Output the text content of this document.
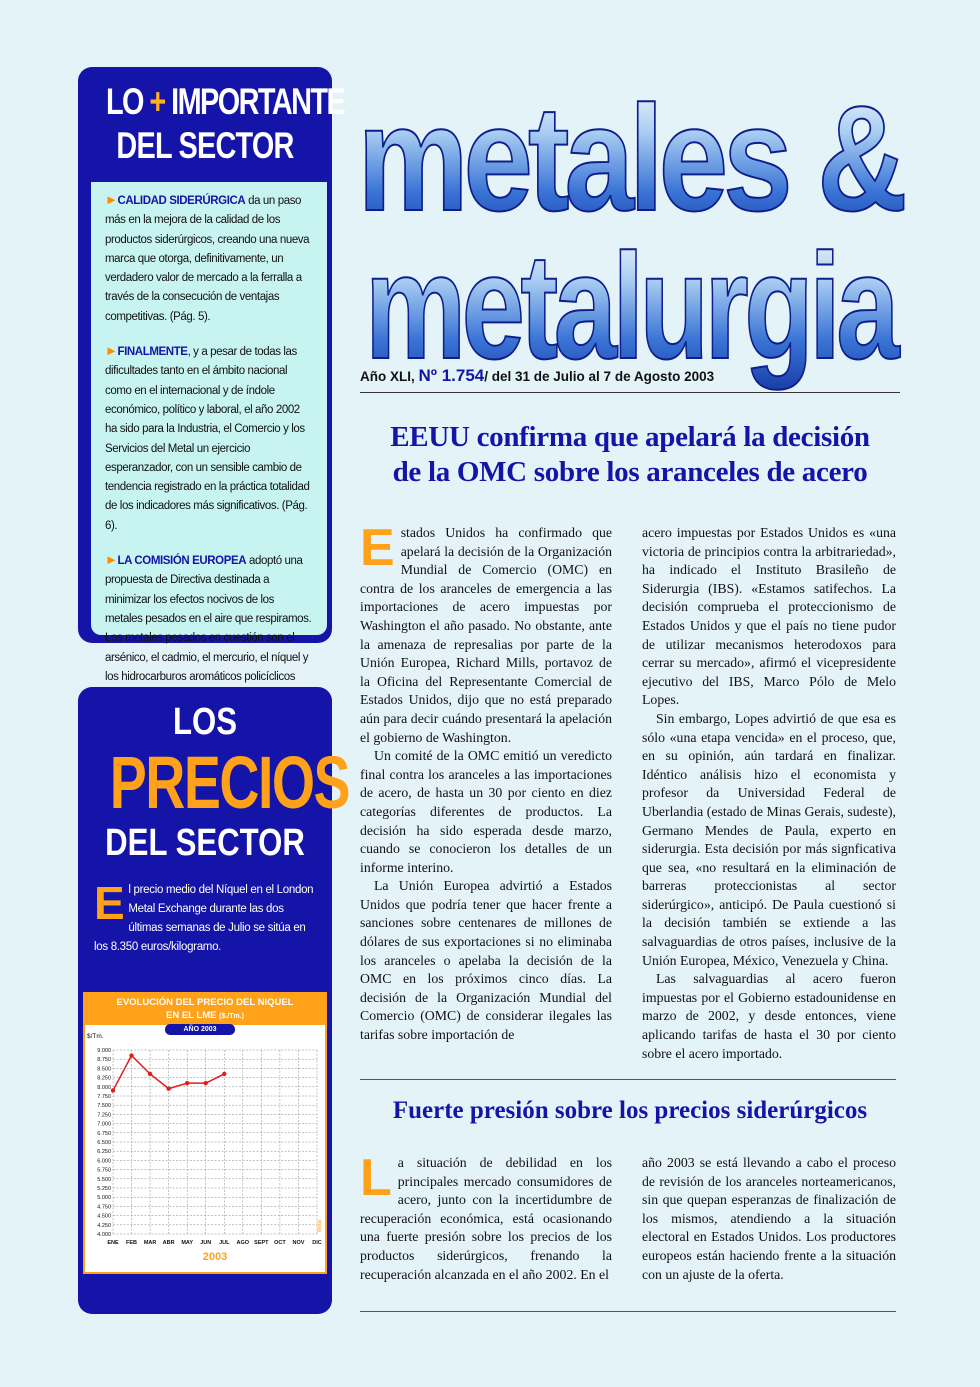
LO + IMPORTANTE
DEL SECTOR

►CALIDAD SIDERÚRGICA da un paso más en la mejora de la calidad de los productos siderúrgicos, creando una nueva marca que otorga, definitivamente, un verdadero valor de mercado a la ferralla a través de la consecución de ventajas competitivas. (Pág. 5).

►FINALMENTE, y a pesar de todas las dificultades tanto en el ámbito nacional como en el internacional y de índole económico, político y laboral, el año 2002 ha sido para la Industria, el Comercio y los Servicios del Metal un ejercicio esperanzador, con un sensible cambio de tendencia registrado en la práctica totalidad de los indicadores más significativos. (Pág. 6).

►LA COMISIÓN EUROPEA adoptó una propuesta de Directiva destinada a minimizar los efectos nocivos de los metales pesados en el aire que respiramos. Los metales pesados en cuestión son el arsénico, el cadmio, el mercurio, el níquel y los hidrocarburos aromáticos policíclicos

LOS
PRECIOS
DEL SECTOR
El precio medio del Níquel en el London Metal Exchange durante las dos últimas semanas de Julio se sitúa en los 8.350 euros/kilogramo.
EVOLUCIÓN DEL PRECIO DEL NIQUEL
EN EL LME ($./Tm.)
AÑO 2003
$/Tm.
9.000
8.750
8.500
8.250
8.000
7.750
7.500
7.250
7.000
6.750
6.500
6.250
6.000
5.750
5.500
5.250
5.000
4.750
4.500
4.250
4.000
ENE FEB MAR ABR MAY JUN JUL AGO SEPT OCT NOV DIC
2003
Metal
metales &
metalurgia
Año XLI, Nº 1.754/ del 31 de Julio al 7 de Agosto 2003
EEUU confirma que apelará la decisión
de la OMC sobre los aranceles de acero

Estados Unidos ha confirmado que apelará la decisión de la Organización Mundial de Comercio (OMC) en contra de los aranceles de emergencia a las importaciones de acero impuestas por Washington el año pasado. No obstante, ante la amenaza de represalias por parte de la Unión Europea, Richard Mills, portavoz de la Oficina del Representante Comercial de Estados Unidos, dijo que no está preparado aún para decir cuándo presentará la apelación el gobierno de Washington.

Un comité de la OMC emitió un veredicto final contra los aranceles a las importaciones de acero, de hasta un 30 por ciento en diez categorías diferentes de productos. La decisión ha sido esperada desde marzo, cuando se conocieron los detalles de un informe interino.

La Unión Europea advirtió a Estados Unidos que podría tener que hacer frente a sanciones sobre centenares de millones de dólares de sus exportaciones si no eliminaba los aranceles o apelaba la decisión de la OMC en los próximos cinco días. La decisión de la Organización Mundial del Comercio (OMC) de considerar ilegales las tarifas sobre importación de

acero impuestas por Estados Unidos es «una victoria de principios contra la arbitrariedad», ha indicado el Instituto Brasileño de Siderurgia (IBS). «Estamos satifechos. La decisión comprueba el proteccionismo de Estados Unidos y que el país no tiene pudor de utilizar mecanismos heterodoxos para cerrar su mercado», afirmó el vicepresidente ejecutivo del IBS, Marco Pólo de Melo Lopes.

Sin embargo, Lopes advirtió de que esa es sólo «una etapa vencida» en el proceso, que, en su opinión, aún tardará en finalizar. Idéntico análisis hizo el economista y profesor da Universidad Federal de Uberlandia (estado de Minas Gerais, sudeste), Germano Mendes de Paula, experto en siderurgia. Esta decisión por más signficativa que sea, «no resultará en la eliminación de barreras proteccionistas al sector siderúrgico», anticipó. De Paula cuestionó si la decisión también se extiende a las salvaguardias de otros países, inclusive de la Unión Europea, México, Venezuela y China.

Las salvaguardias al acero fueron impuestas por el Gobierno estadounidense en marzo de 2002, y desde entonces, viene aplicando tarifas de hasta el 30 por ciento sobre el acero importado.

Fuerte presión sobre los precios siderúrgicos

La situación de debilidad en los principales mercado consumidores de acero, junto con la incertidumbre de recuperación económica, está ocasionando una fuerte presión sobre los precios de los productos siderúrgicos, frenando la recuperación alcanzada en el año 2002. En el

año 2003 se está llevando a cabo el proceso de revisión de los aranceles norteamericanos, sin que quepan esperanzas de finalización de los mismos, atendiendo a la situación electoral en Estados Unidos. Los productores europeos están haciendo frente a la situación con un ajuste de la oferta.
